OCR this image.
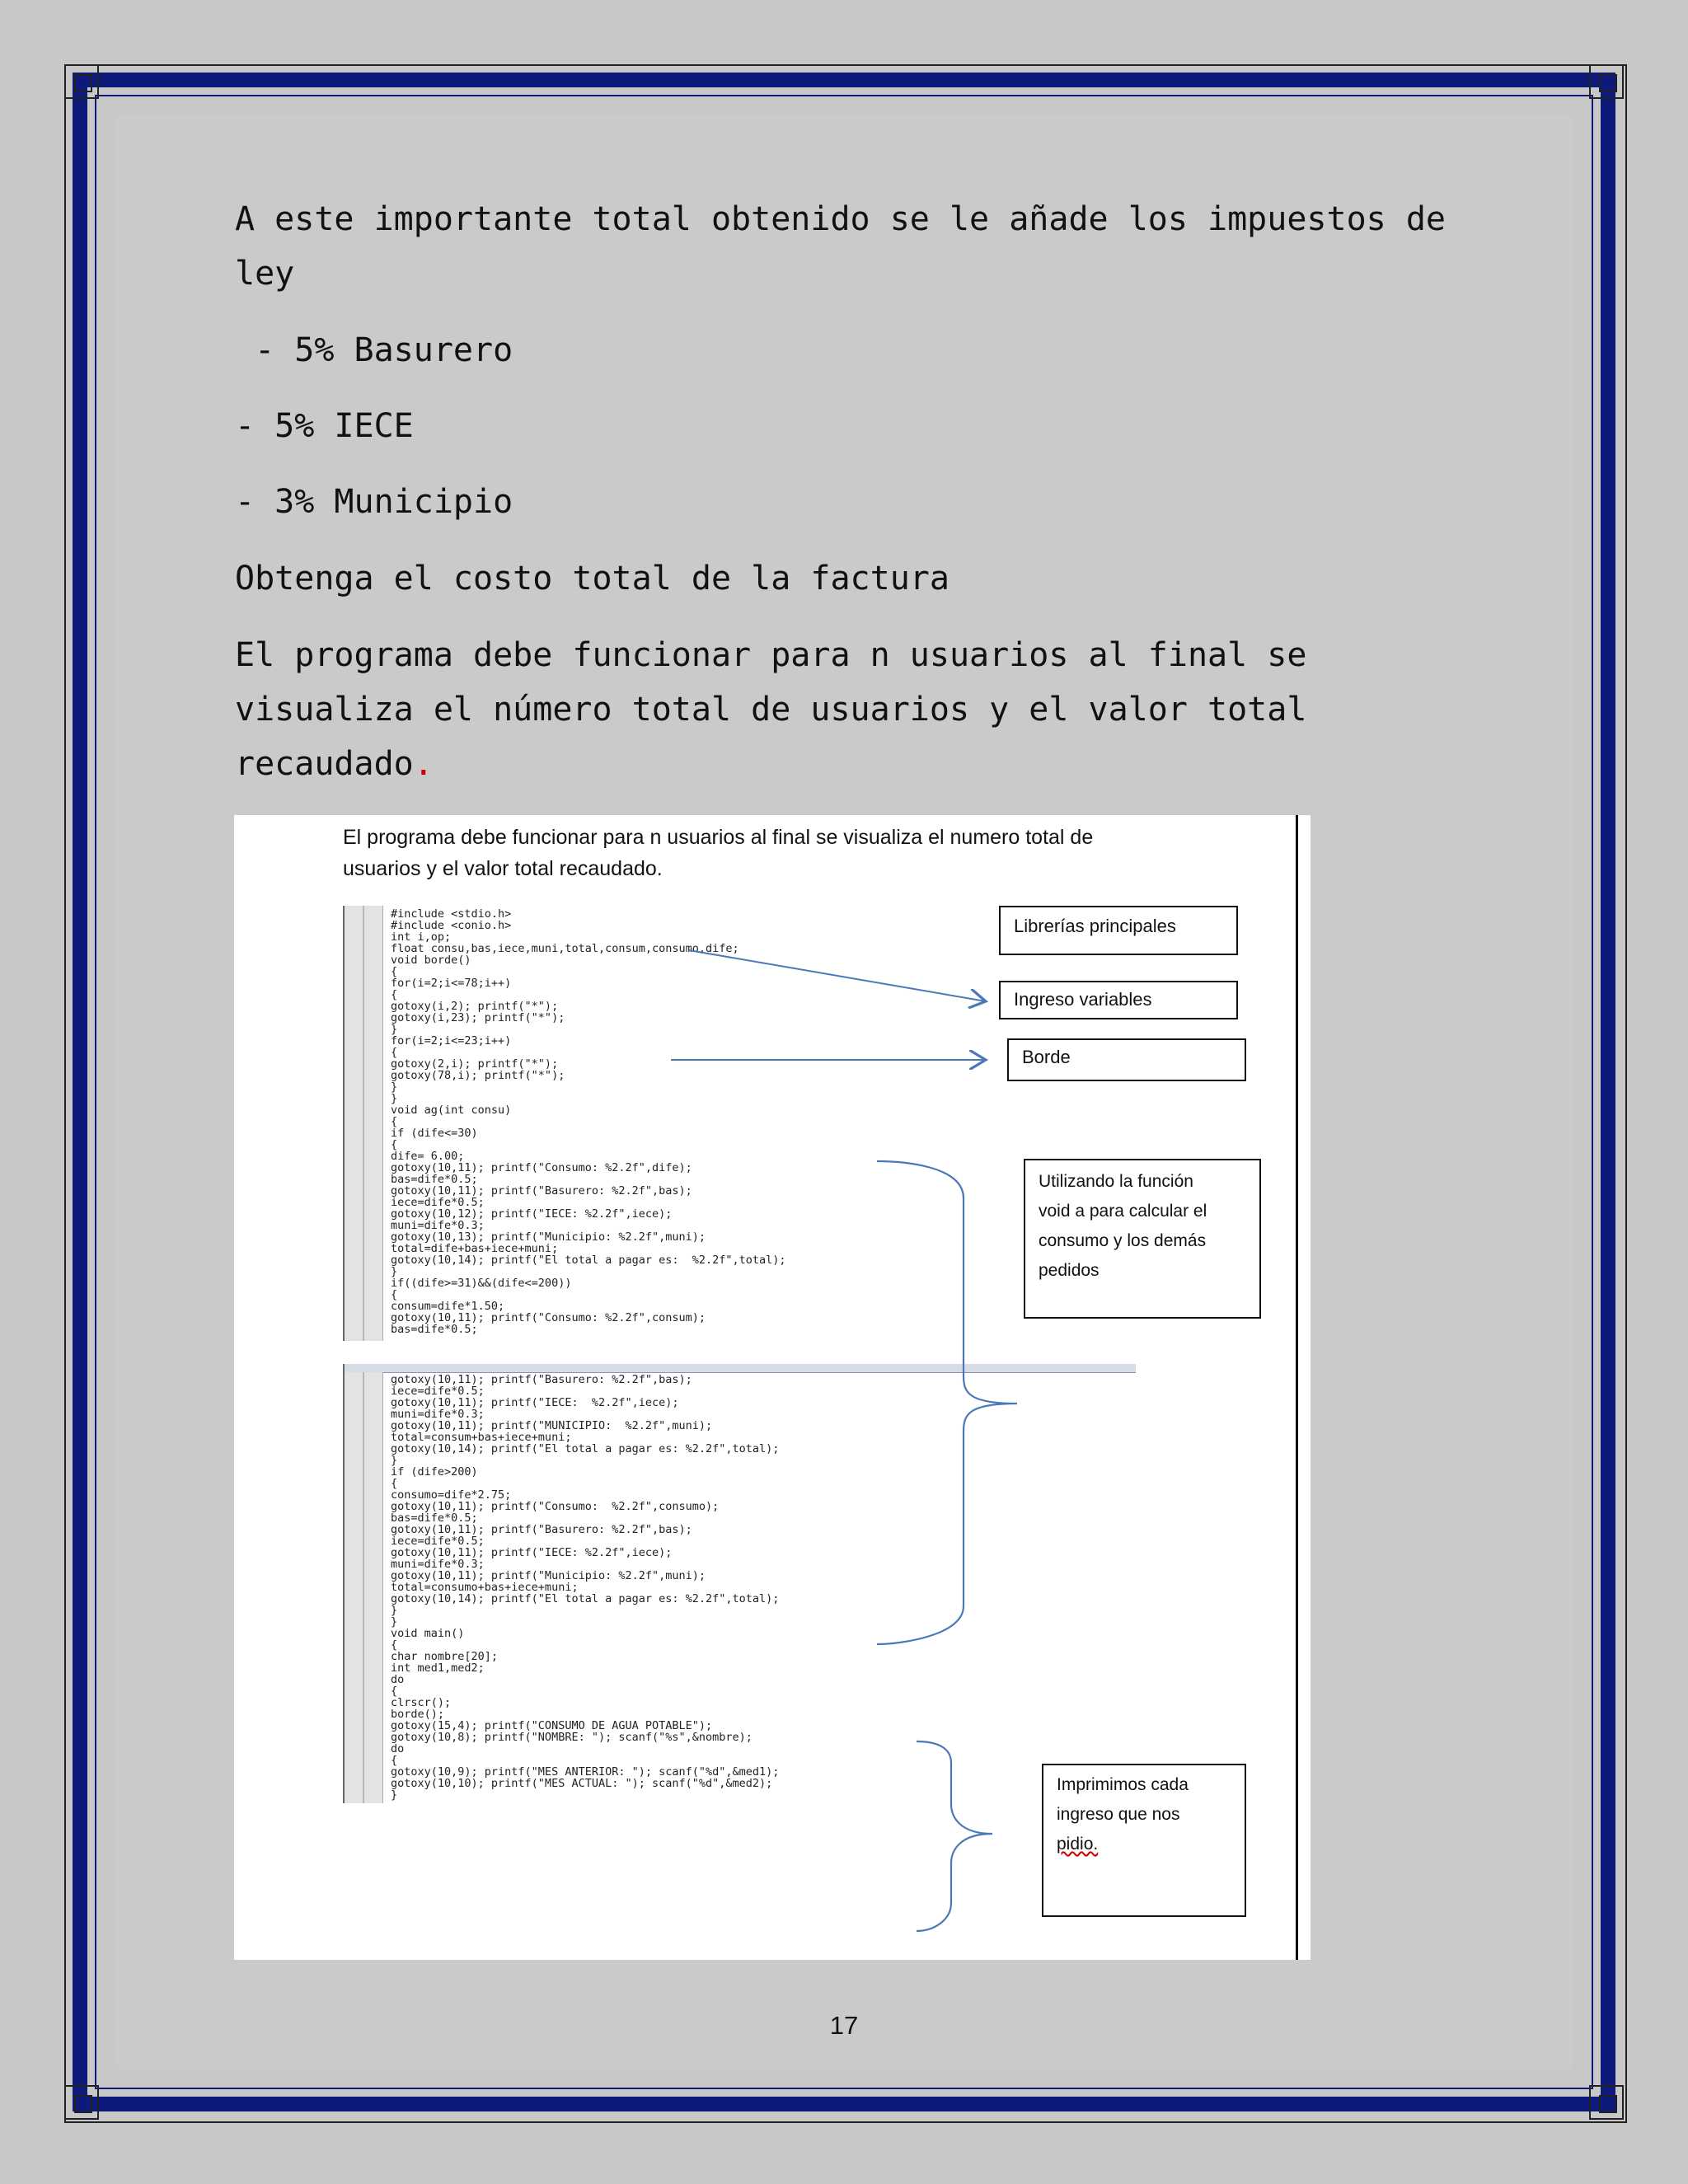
A este importante total obtenido se le añade los impuestos de
ley
- 5% Basurero
- 5% IECE
- 3% Municipio
Obtenga el costo total de la factura
El programa debe funcionar para n usuarios al final se
visualiza el número total de usuarios y el valor total
recaudado.
El programa debe funcionar para n usuarios al final se visualiza el numero total de
usuarios y el valor total recaudado.
#include <stdio.h>
#include <conio.h>
int i,op;
float consu,bas,iece,muni,total,consum,consumo,dife;
void borde()
{
for(i=2;i<=78;i++)
{
gotoxy(i,2); printf("*");
gotoxy(i,23); printf("*");
}
for(i=2;i<=23;i++)
{
gotoxy(2,i); printf("*");
gotoxy(78,i); printf("*");
}
}
void ag(int consu)
{
if (dife<=30)
{
dife= 6.00;
gotoxy(10,11); printf("Consumo: %2.2f",dife);
bas=dife*0.5;
gotoxy(10,11); printf("Basurero: %2.2f",bas);
iece=dife*0.5;
gotoxy(10,12); printf("IECE: %2.2f",iece);
muni=dife*0.3;
gotoxy(10,13); printf("Municipio: %2.2f",muni);
total=dife+bas+iece+muni;
gotoxy(10,14); printf("El total a pagar es:  %2.2f",total);
}
if((dife>=31)&&(dife<=200))
{
consum=dife*1.50;
gotoxy(10,11); printf("Consumo: %2.2f",consum);
bas=dife*0.5;
gotoxy(10,11); printf("Basurero: %2.2f",bas);
iece=dife*0.5;
gotoxy(10,11); printf("IECE:  %2.2f",iece);
muni=dife*0.3;
gotoxy(10,11); printf("MUNICIPIO:  %2.2f",muni);
total=consum+bas+iece+muni;
gotoxy(10,14); printf("El total a pagar es: %2.2f",total);
}
if (dife>200)
{
consumo=dife*2.75;
gotoxy(10,11); printf("Consumo:  %2.2f",consumo);
bas=dife*0.5;
gotoxy(10,11); printf("Basurero: %2.2f",bas);
iece=dife*0.5;
gotoxy(10,11); printf("IECE: %2.2f",iece);
muni=dife*0.3;
gotoxy(10,11); printf("Municipio: %2.2f",muni);
total=consumo+bas+iece+muni;
gotoxy(10,14); printf("El total a pagar es: %2.2f",total);
}
}
void main()
{
char nombre[20];
int med1,med2;
do
{
clrscr();
borde();
gotoxy(15,4); printf("CONSUMO DE AGUA POTABLE");
gotoxy(10,8); printf("NOMBRE: "); scanf("%s",&nombre);
do
{
gotoxy(10,9); printf("MES ANTERIOR: "); scanf("%d",&med1);
gotoxy(10,10); printf("MES ACTUAL: "); scanf("%d",&med2);
}
Librerías principales
Ingreso variables
Borde
Utilizando la función
void a para calcular el
consumo y los demás
pedidos
Imprimimos cada
ingreso que nos
pidio.
17
